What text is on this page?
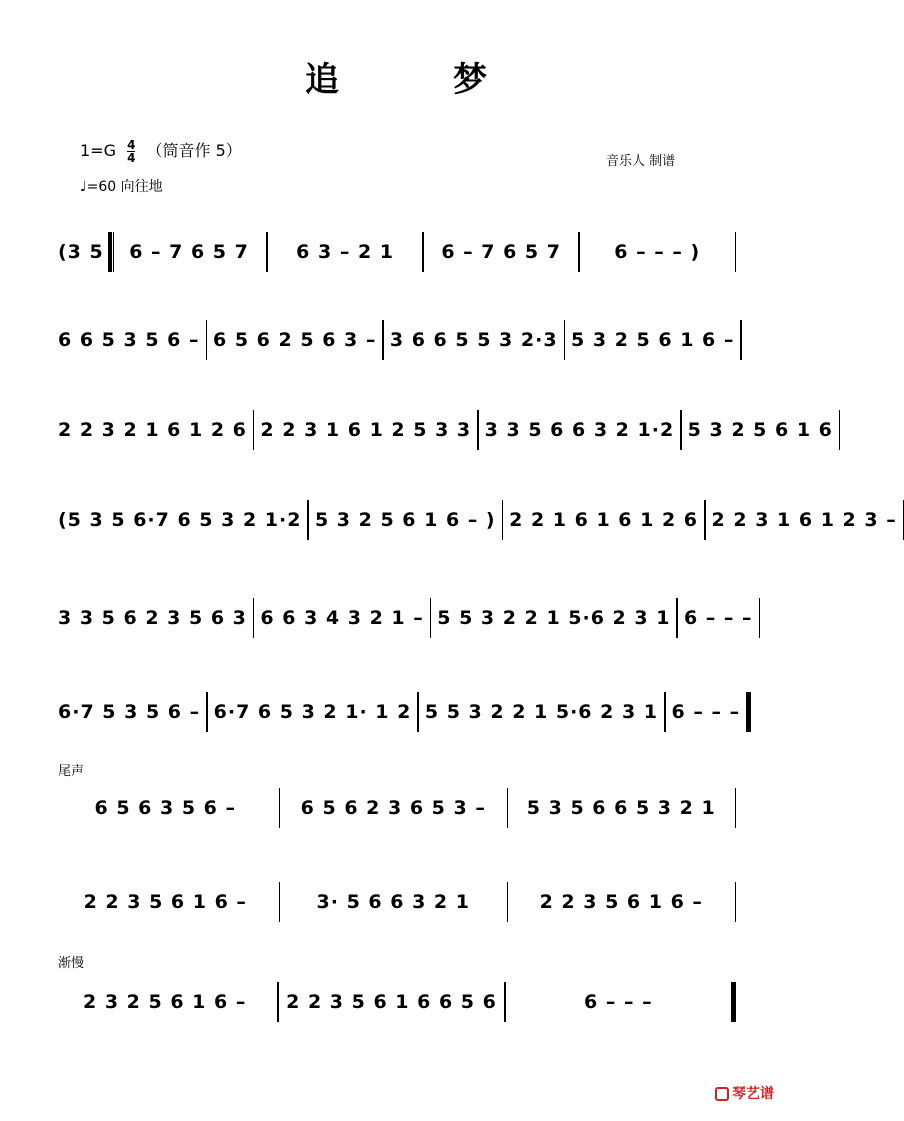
追　梦
$1=G \frac{4}{4}$ （筒音作 5）
♩=60 向往地
音乐人 制谱
(3 5	6 – 7 6 5 7	6 3 – 2 1	6 – 7 6 5 7	6 – – – )
6 6 5 3 5 6 – 6 5 6 2 5 6 3 – 3 6 6 5 5 3 2·3 5 3 2 5 6 1 6 –
2 2 3 2 1 6 1 2 6 2 2 3 1 6 1 2 5 3 3 3 3 5 6 6 3 2 1·2 5 3 2 5 6 1 6
(5 3 5 6·7 6 5 3 2 1·2 5 3 2 5 6 1 6 – ) 2 2 1 6 1 6 1 2 6 2 2 3 1 6 1 2 3 –
3 3 5 6 2 3 5 6 3 6 6 3 4 3 2 1 – 5 5 3 2 2 1 5·6 2 3 1 6 – – –
6·7 5 3 5 6 – 6·7 6 5 3 2 1· 1 2 5 5 3 2 2 1 5·6 2 3 1 6 – – –
尾声
6 5 6 3 5 6 –	6 5 6 2 3 6 5 3 –	5 3 5 6 6 5 3 2 1
2 2 3 5 6 1 6 –	3· 5 6 6 3 2 1	2 2 3 5 6 1 6 –
渐慢
2 3 2 5 6 1 6 –	2 2 3 5 6 1 6 6 5 6	6 – – –
琴艺谱
